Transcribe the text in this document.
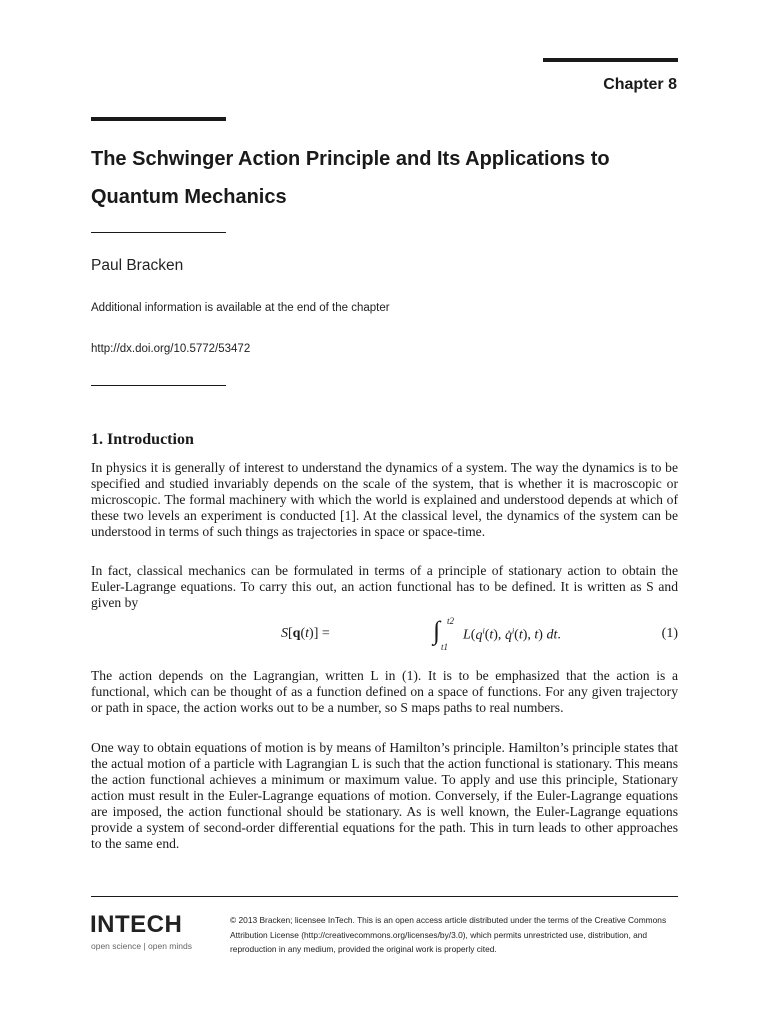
Chapter 8
The Schwinger Action Principle and Its Applications to Quantum Mechanics
Paul Bracken
Additional information is available at the end of the chapter
http://dx.doi.org/10.5772/53472
1. Introduction

In physics it is generally of interest to understand the dynamics of a system. The way the dynamics is to be specified and studied invariably depends on the scale of the system, that is whether it is macroscopic or microscopic. The formal machinery with which the world is explained and understood depends at which of these two levels an experiment is conducted [1]. At the classical level, the dynamics of the system can be understood in terms of such things as trajectories in space or space-time.

In fact, classical mechanics can be formulated in terms of a principle of stationary action to obtain the Euler-Lagrange equations. To carry this out, an action functional has to be defined. It is written as S and given by

S[q(t)] =	∫ t2
t1
$L(q^i(t)$, q̇$^i$(t), t) dt.	(1)

The action depends on the Lagrangian, written L in (1). It is to be emphasized that the action is a functional, which can be thought of as a function defined on a space of functions. For any given trajectory or path in space, the action works out to be a number, so S maps paths to real numbers.

One way to obtain equations of motion is by means of Hamilton’s principle. Hamilton’s principle states that the actual motion of a particle with Lagrangian L is such that the action functional is stationary. This means the action functional achieves a minimum or maximum value. To apply and use this principle, Stationary action must result in the Euler-Lagrange equations of motion. Conversely, if the Euler-Lagrange equations are imposed, the action functional should be stationary. As is well known, the Euler-Lagrange equations provide a system of second-order differential equations for the path. This in turn leads to other approaches to the same end.

INTECH
open science | open minds
© 2013 Bracken; licensee InTech. This is an open access article distributed under the terms of the Creative Commons Attribution License (http://creativecommons.org/licenses/by/3.0), which permits unrestricted use, distribution, and reproduction in any medium, provided the original work is properly cited.
